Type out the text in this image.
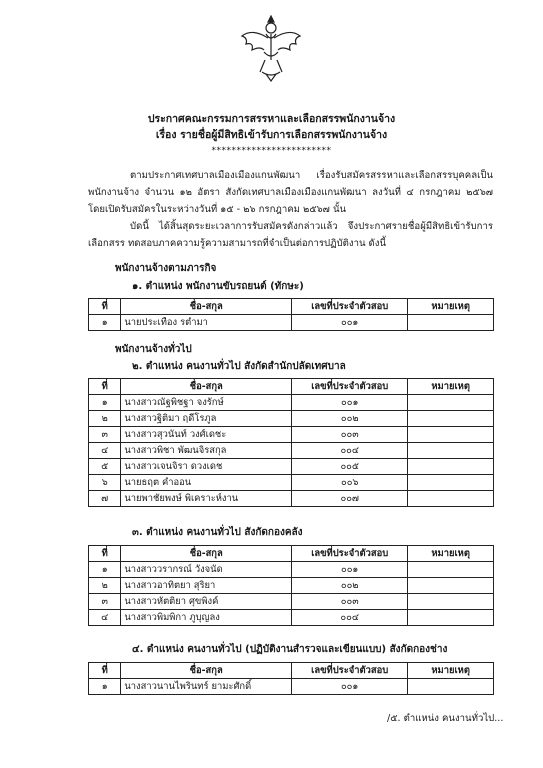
ประกาศคณะกรรมการสรรหาและเลือกสรรพนักงานจ้าง
เรื่อง รายชื่อผู้มีสิทธิเข้ารับการเลือกสรรพนักงานจ้าง
************************
ตามประกาศเทศบาลเมืองเมืองแกนพัฒนา เรื่องรับสมัครสรรหาและเลือกสรรบุคคลเป็นพนักงานจ้าง จำนวน ๑๒ อัตรา สังกัดเทศบาลเมืองเมืองแกนพัฒนา ลงวันที่ ๔ กรกฎาคม ๒๕๖๗ โดยเปิดรับสมัครในระหว่างวันที่ ๑๕ - ๒๖ กรกฎาคม ๒๕๖๗ นั้น
บัดนี้ ได้สิ้นสุดระยะเวลาการรับสมัครดังกล่าวแล้ว จึงประกาศรายชื่อผู้มีสิทธิเข้ารับการเลือกสรร ทดสอบภาคความรู้ความสามารถที่จำเป็นต่อการปฏิบัติงาน ดังนี้
พนักงานจ้างตามภารกิจ
๑. ตำแหน่ง พนักงานขับรถยนต์ (ทักษะ)
ที่	ชื่อ-สกุล	เลขที่ประจำตัวสอบ	หมายเหตุ
๑	นายประเทือง รตำมา	๐๐๑	
พนักงานจ้างทั่วไป
๒. ตำแหน่ง คนงานทั่วไป สังกัดสำนักปลัดเทศบาล
ที่	ชื่อ-สกุล	เลขที่ประจำตัวสอบ	หมายเหตุ
๑	นางสาวณัฐพิชฐา จงรักษ์	๐๐๑	
๒	นางสาวฐิติมา ฤดีโรภูล	๐๐๒	
๓	นางสาวสุวนันท์ วงศ์เดชะ	๐๐๓	
๔	นางสาวพิชา พัฒนจิรสกุล	๐๐๔	
๕	นางสาวเจนจิรา ดวงเดช	๐๐๕	
๖	นายธฤต คำออน	๐๐๖	
๗	นายพาชัยพงษ์ พิเคราะห์งาน	๐๐๗	
๓. ตำแหน่ง คนงานทั่วไป สังกัดกองคลัง
ที่	ชื่อ-สกุล	เลขที่ประจำตัวสอบ	หมายเหตุ
๑	นางสาววรากรณ์ วังจนัด	๐๐๑	
๒	นางสาวอาทิตยา สุริยา	๐๐๒	
๓	นางสาวหัตติยา ศุขพิงค์	๐๐๓	
๔	นางสาวพิมพิกา ภูบุญลง	๐๐๔	
๔. ตำแหน่ง คนงานทั่วไป (ปฏิบัติงานสำรวจและเขียนแบบ) สังกัดกองช่าง
ที่	ชื่อ-สกุล	เลขที่ประจำตัวสอบ	หมายเหตุ
๑	นางสาวนานไพรินทร์ ยามะศักดิ์	๐๐๑	
/๕. ตำแหน่ง คนงานทั่วไป...
